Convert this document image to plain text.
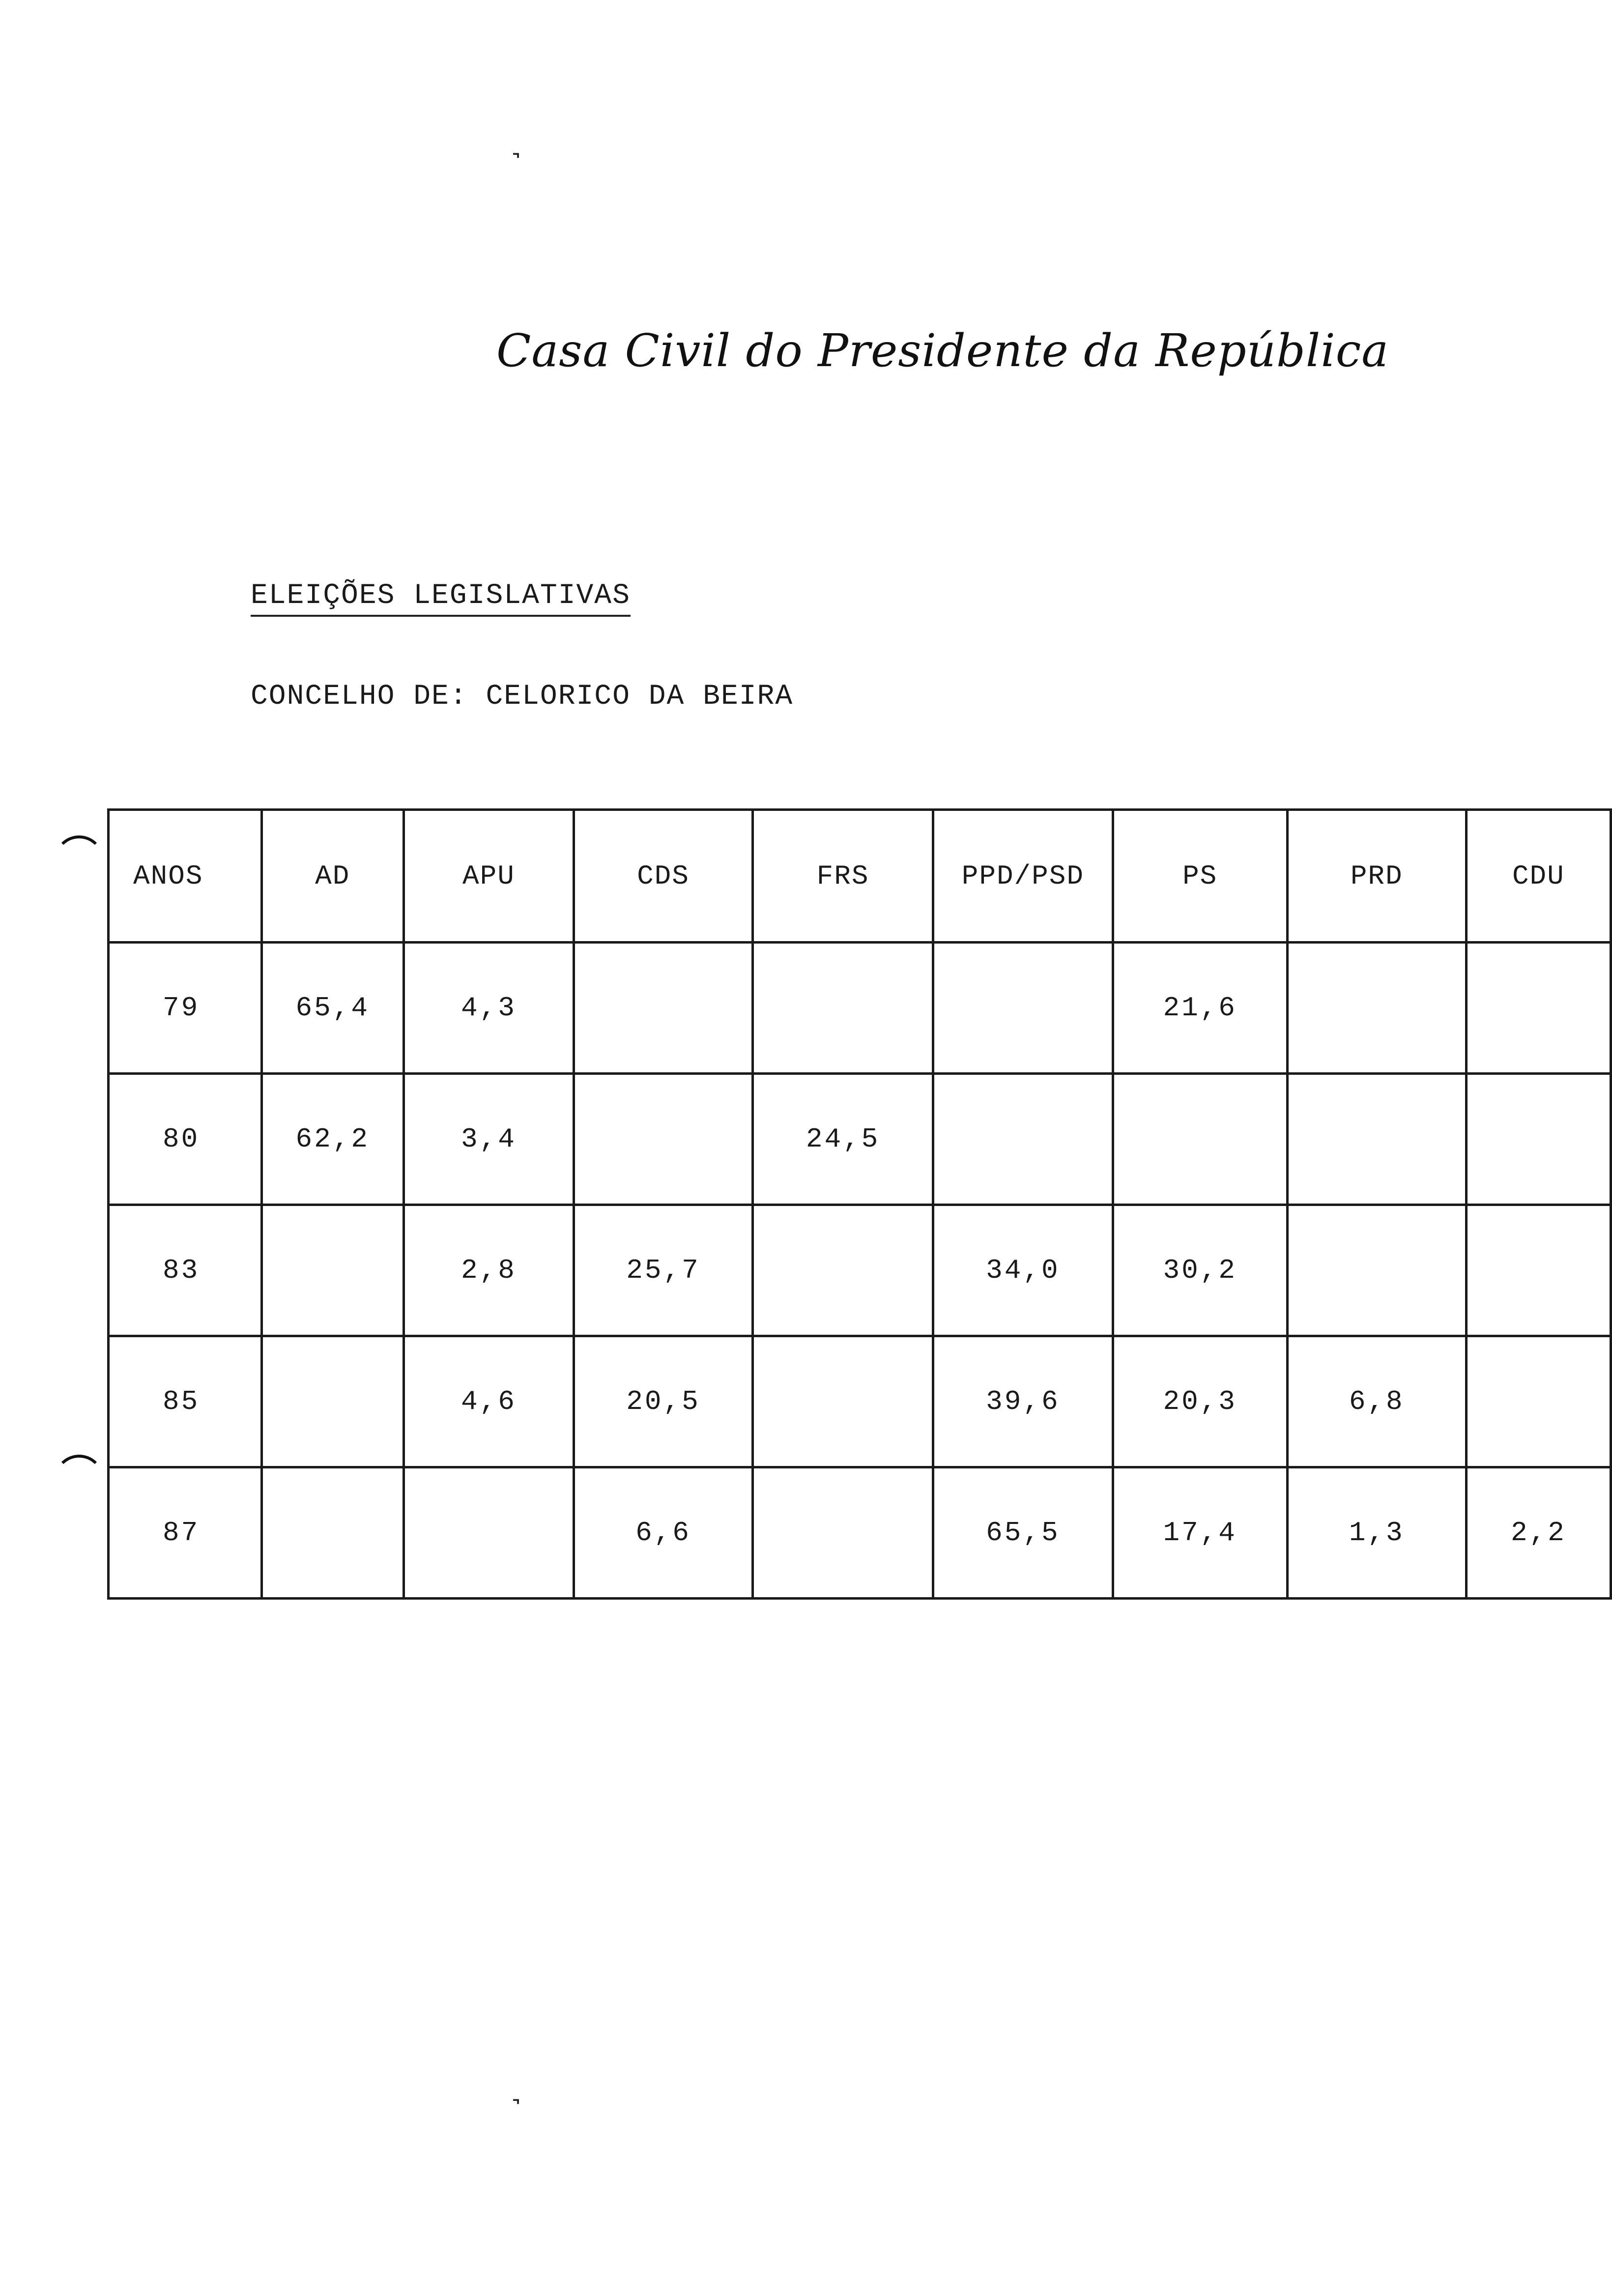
Casa Civil do Presidente da República
ELEIÇÕES LEGISLATIVAS
CONCELHO DE: CELORICO DA BEIRA
˺
˺
ANOS	AD	APU	CDS	FRS	PPD/PSD	PS	PRD	CDU
79	65,4	4,3				21,6		
80	62,2	3,4		24,5				
83		2,8	25,7		34,0	30,2		
85		4,6	20,5		39,6	20,3	6,8	
87			6,6		65,5	17,4	1,3	2,2
